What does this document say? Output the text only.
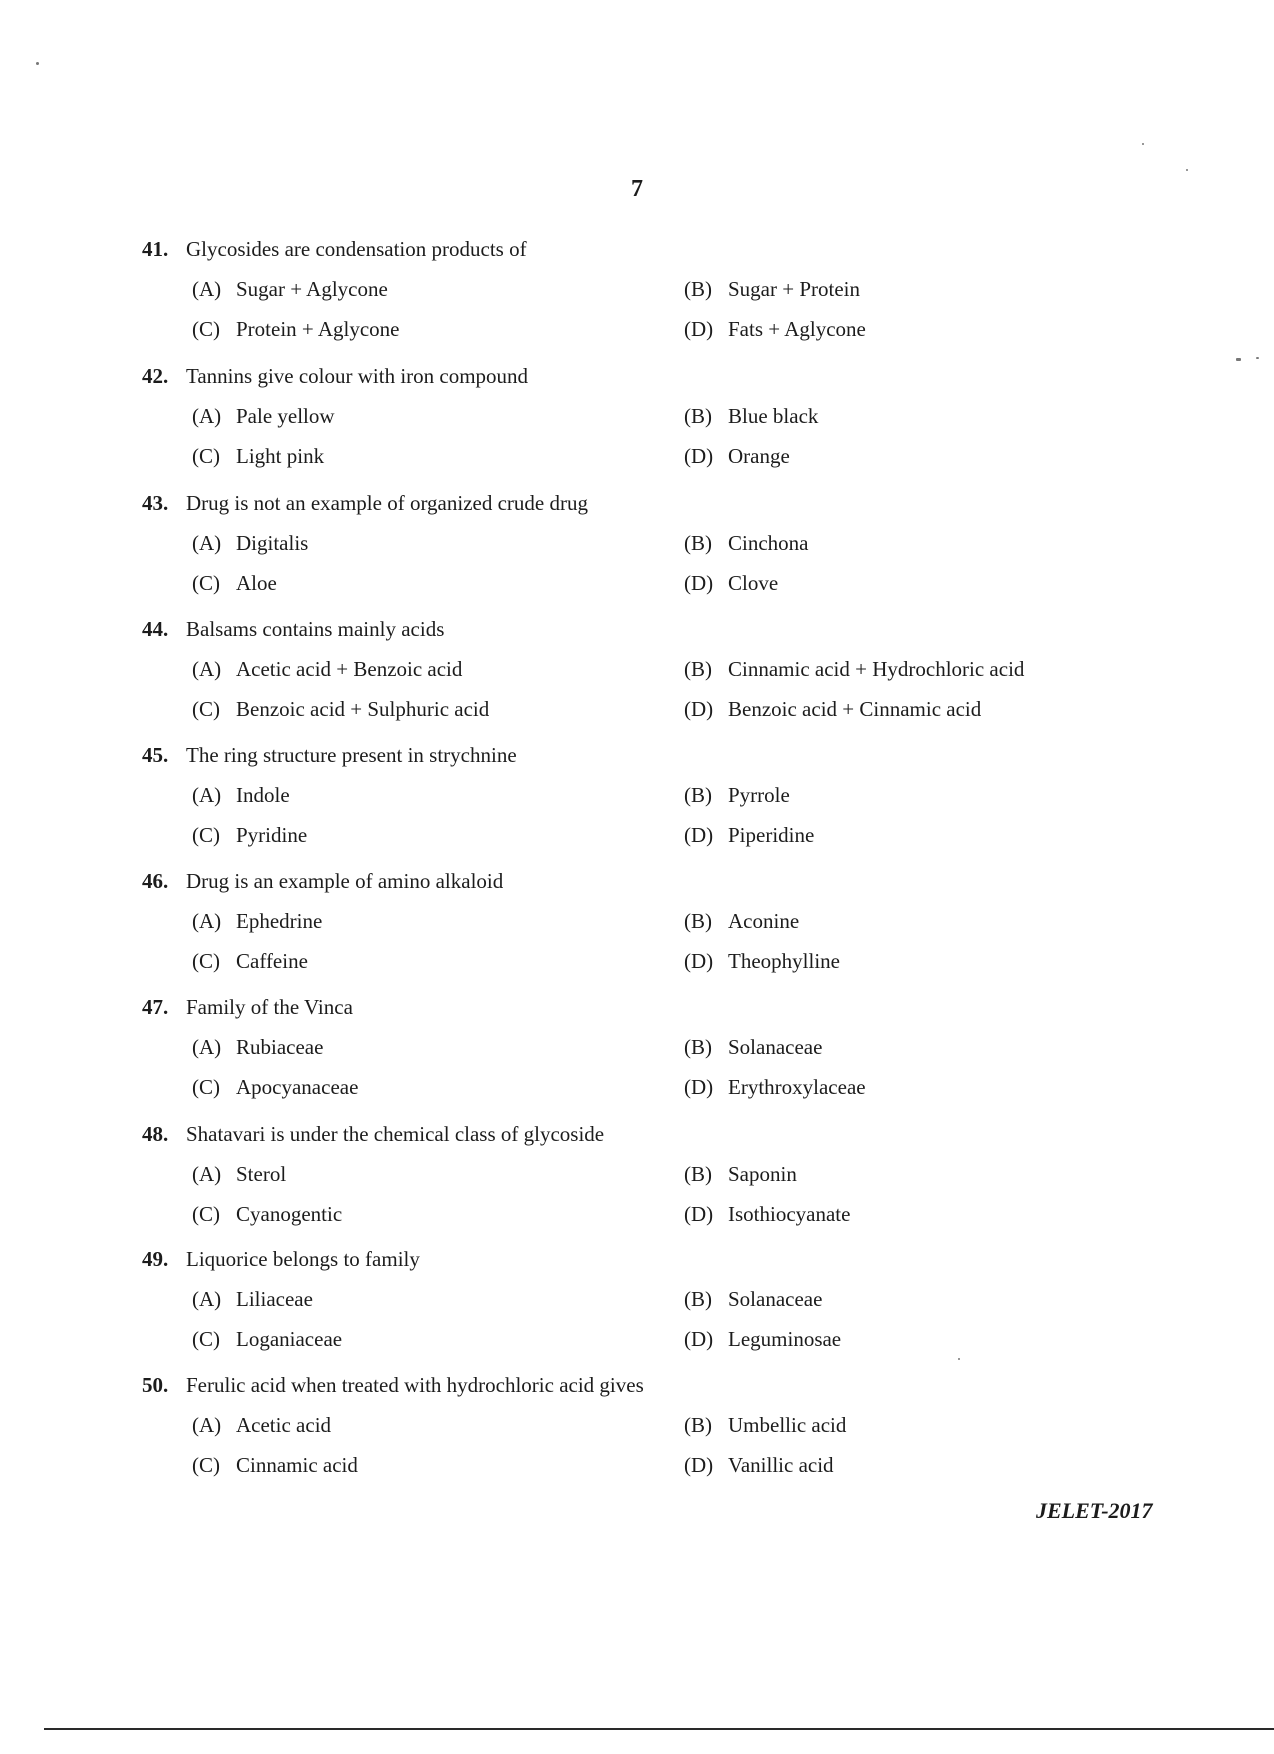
7
41. Glycosides are condensation products of
(A) Sugar + Aglycone	(B) Sugar + Protein
(C) Protein + Aglycone	(D) Fats + Aglycone
42. Tannins give colour with iron compound
(A) Pale yellow	(B) Blue black
(C) Light pink	(D) Orange
43. Drug is not an example of organized crude drug
(A) Digitalis	(B) Cinchona
(C) Aloe	(D) Clove
44. Balsams contains mainly acids
(A) Acetic acid + Benzoic acid	(B) Cinnamic acid + Hydrochloric acid
(C) Benzoic acid + Sulphuric acid	(D) Benzoic acid + Cinnamic acid
45. The ring structure present in strychnine
(A) Indole	(B) Pyrrole
(C) Pyridine	(D) Piperidine
46. Drug is an example of amino alkaloid
(A) Ephedrine	(B) Aconine
(C) Caffeine	(D) Theophylline
47. Family of the Vinca
(A) Rubiaceae	(B) Solanaceae
(C) Apocyanaceae	(D) Erythroxylaceae
48. Shatavari is under the chemical class of glycoside
(A) Sterol	(B) Saponin
(C) Cyanogentic	(D) Isothiocyanate
49. Liquorice belongs to family
(A) Liliaceae	(B) Solanaceae
(C) Loganiaceae	(D) Leguminosae
50. Ferulic acid when treated with hydrochloric acid gives
(A) Acetic acid	(B) Umbellic acid
(C) Cinnamic acid	(D) Vanillic acid
JELET-2017
